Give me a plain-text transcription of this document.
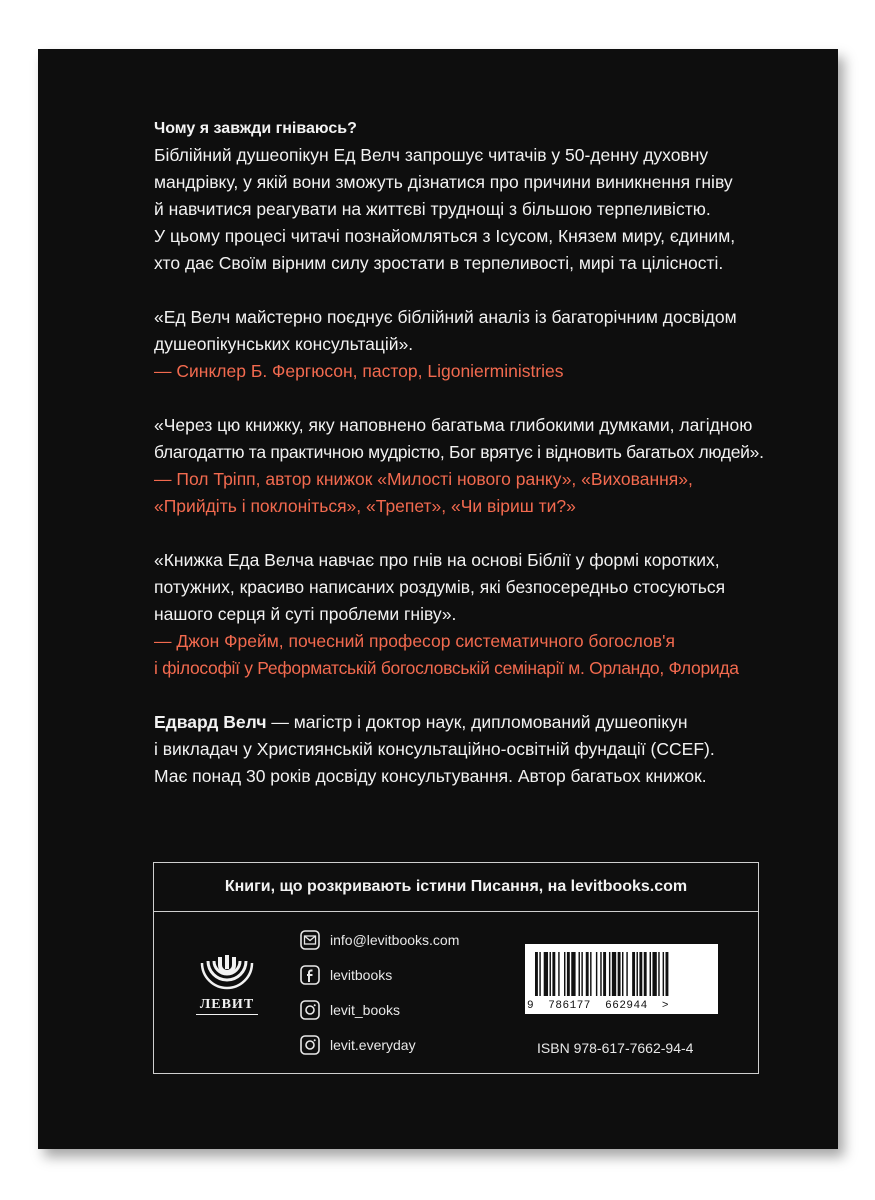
Чому я завжди гніваюсь?

Біблійний душеопікун Ед Велч запрошує читачів у 50-денну духовну

мандрівку, у якій вони зможуть дізнатися про причини виникнення гніву

й навчитися реагувати на життєві труднощі з більшою терпеливістю.

У цьому процесі читачі познайомляться з Ісусом, Князем миру, єдиним,

хто дає Своїм вірним силу зростати в терпеливості, мирі та цілісності.

«Ед Велч майстерно поєднує біблійний аналіз із багаторічним досвідом

душеопікунських консультацій».

— Синклер Б. Фергюсон, пастор, Ligonierministries

«Через цю книжку, яку наповнено багатьма глибокими думками, лагідною

благодаттю та практичною мудрістю, Бог врятує і відновить багатьох людей».

— Пол Тріпп, автор книжок «Милості нового ранку», «Виховання»,

«Прийдіть і поклоніться», «Трепет», «Чи віриш ти?»

«Книжка Еда Велча навчає про гнів на основі Біблії у формі коротких,

потужних, красиво написаних роздумів, які безпосередньо стосуються

нашого серця й суті проблеми гніву».

— Джон Фрейм, почесний професор систематичного богослов'я

і філософії у Реформатській богословській семінарії м. Орландо, Флорида

Едвард Велч — магістр і доктор наук, дипломований душеопікун

і викладач у Християнській консультаційно-освітній фундації (CCEF).

Має понад 30 років досвіду консультування. Автор багатьох книжок.

Книги, що розкривають істини Писання, на levitbooks.com
ЛЕВИТ
info@levitbooks.com
levitbooks
levit_books
levit.everyday
9  786177  662944  >
ISBN 978-617-7662-94-4
